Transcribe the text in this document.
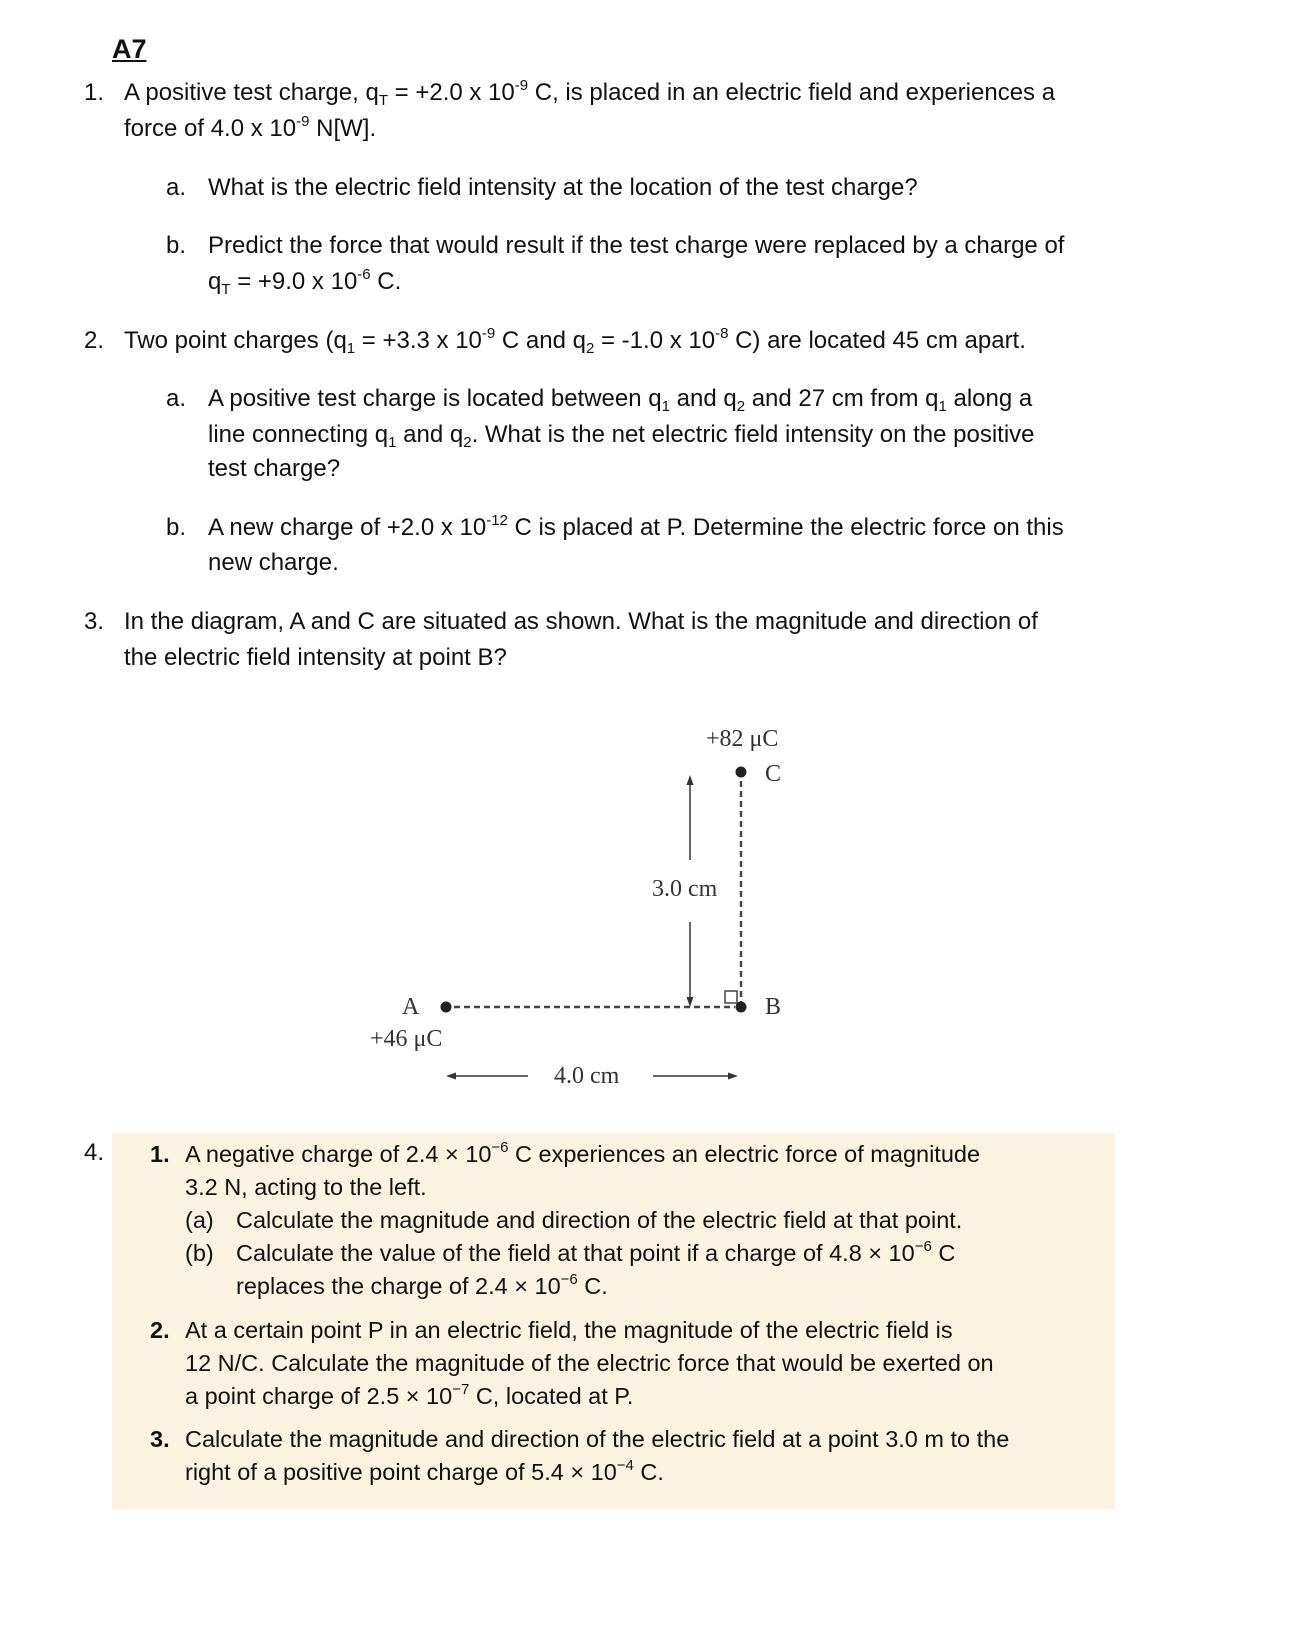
A7
1. A positive test charge, $q_T = +2.0$ x $10^{-9}$ C, is placed in an electric field and experiences a
force of 4.0 x $10^{-9}$ N[W].
a. What is the electric field intensity at the location of the test charge?
b. Predict the force that would result if the test charge were replaced by a charge of
$q_T = +9.0$ x $10^{-6}$ C.
2. Two point charges ($q_1 = +3.3$ x $10^{-9}$ C and $q_2 = -1.0$ x $10^{-8}$ C) are located 45 cm apart.
a. A positive test charge is located between $q_1$ and $q_2$ and 27 cm from $q_1$ along a
line connecting $q_1$ and $q_2$. What is the net electric field intensity on the positive
test charge?
b. A new charge of +2.0 x $10^{-12}$ C is placed at P. Determine the electric force on this
new charge.
3. In the diagram, A and C are situated as shown. What is the magnitude and direction of
the electric field intensity at point B?
+82 μC
C
3.0 cm
A
+46 μC
B
4.0 cm
4. 1. A negative charge of $2.4 \times 10^{-6}$ C experiences an electric force of magnitude
3.2 N, acting to the left.
(a) Calculate the magnitude and direction of the electric field at that point.
(b) Calculate the value of the field at that point if a charge of $4.8 \times 10^{-6}$ C
replaces the charge of $2.4 \times 10^{-6}$ C.
2. At a certain point P in an electric field, the magnitude of the electric field is
12 N/C. Calculate the magnitude of the electric force that would be exerted on
a point charge of $2.5 \times 10^{-7}$ C, located at P.
3. Calculate the magnitude and direction of the electric field at a point 3.0 m to the
right of a positive point charge of $5.4 \times 10^{-4}$ C.
